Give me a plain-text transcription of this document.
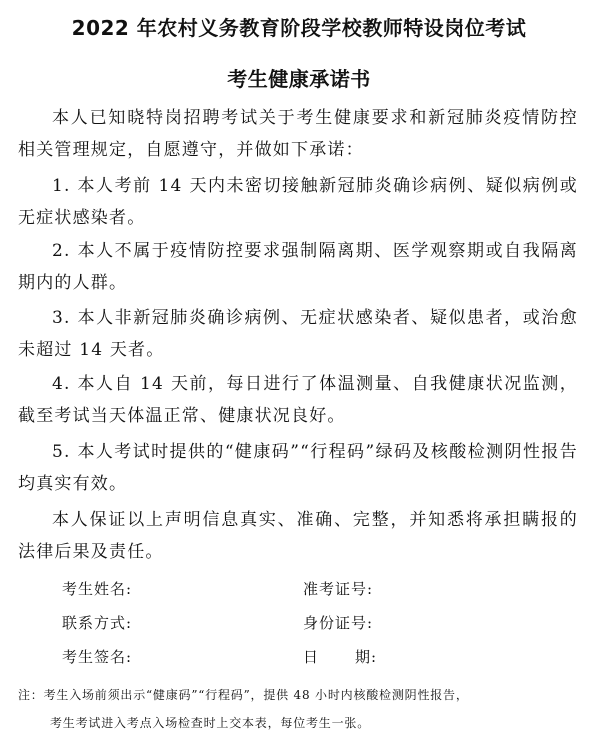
2022 年农村义务教育阶段学校教师特设岗位考试
考生健康承诺书
本人已知晓特岗招聘考试关于考生健康要求和新冠肺炎疫情防控相关管理规定，自愿遵守，并做如下承诺：
1. 本人考前 14 天内未密切接触新冠肺炎确诊病例、疑似病例或无症状感染者。
2. 本人不属于疫情防控要求强制隔离期、医学观察期或自我隔离期内的人群。
3. 本人非新冠肺炎确诊病例、无症状感染者、疑似患者，或治愈未超过 14 天者。
4. 本人自 14 天前，每日进行了体温测量、自我健康状况监测，截至考试当天体温正常、健康状况良好。
5. 本人考试时提供的“健康码”“行程码”绿码及核酸检测阴性报告均真实有效。
本人保证以上声明信息真实、准确、完整，并知悉将承担瞒报的法律后果及责任。
考生姓名:	准考证号:
联系方式:	身份证号:
考生签名:	日 期:
注：考生入场前须出示“健康码”“行程码”，提供 48 小时内核酸检测阴性报告，
考生考试进入考点入场检查时上交本表，每位考生一张。
